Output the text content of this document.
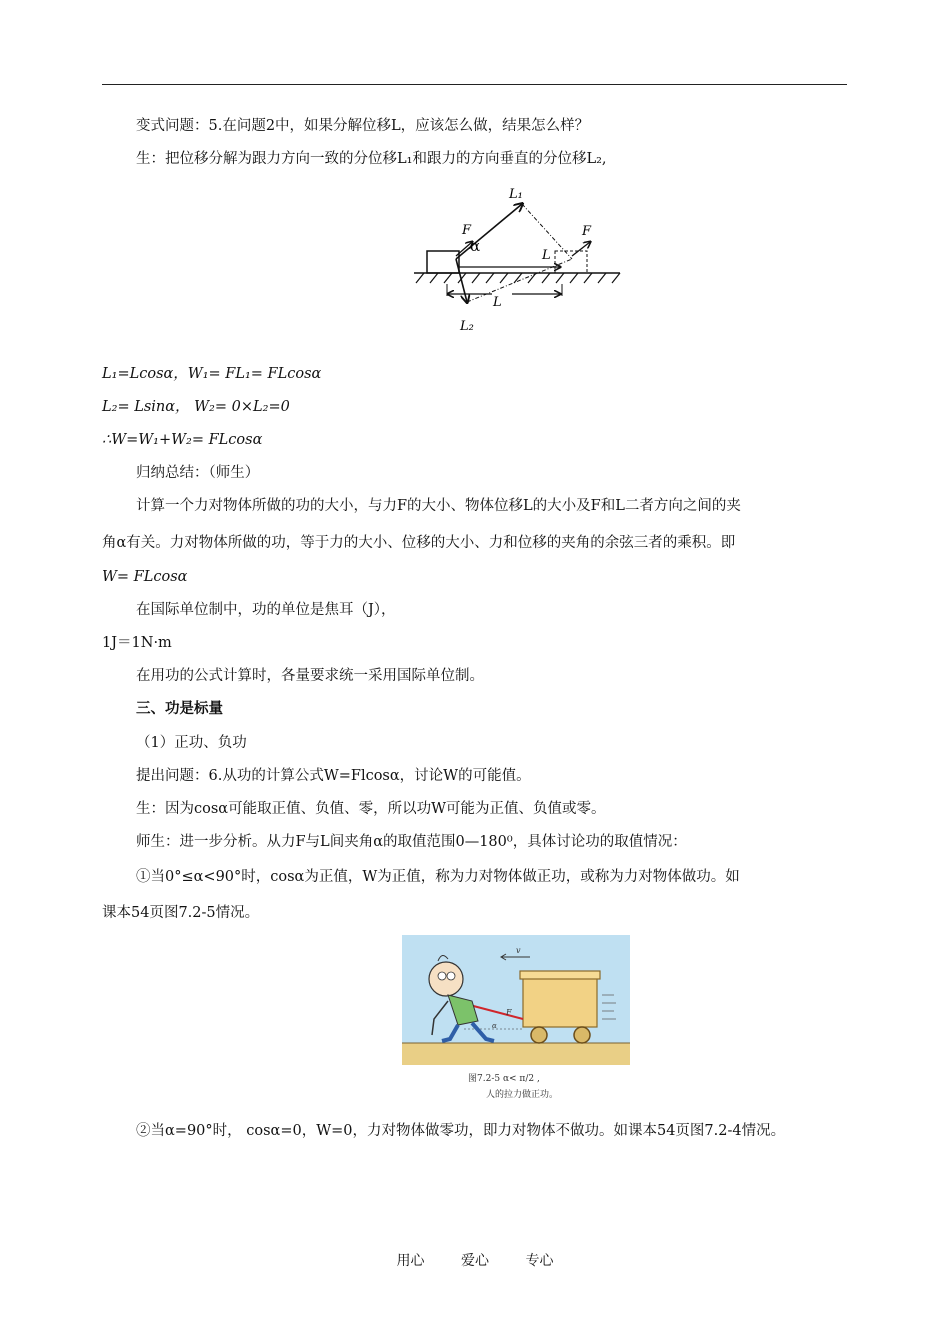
变式问题：5.在问题2中，如果分解位移L，应该怎么做，结果怎么样？
生：把位移分解为跟力方向一致的分位移L₁和跟力的方向垂直的分位移L₂,
L₁
F
α
L
F
L
L₂
L₁=Lcosα，W₁= FL₁= FLcosα
L₂= Lsinα， W₂= 0×L₂=0
∴W=W₁+W₂= FLcosα
归纳总结：（师生）
计算一个力对物体所做的功的大小，与力F的大小、物体位移L的大小及F和L二者方向之间的夹
角α有关。力对物体所做的功，等于力的大小、位移的大小、力和位移的夹角的余弦三者的乘积。即
W= FLcosα
在国际单位制中，功的单位是焦耳（J），
1J＝1N·m
在用功的公式计算时，各量要求统一采用国际单位制。
三、功是标量
（1）正功、负功
提出问题：6.从功的计算公式W=Flcosα，讨论W的可能值。
生：因为cosα可能取正值、负值、零，所以功W可能为正值、负值或零。
师生：进一步分析。从力F与L间夹角α的取值范围0—180⁰，具体讨论功的取值情况：
①当0°≤α<90°时，cosα为正值，W为正值，称为力对物体做正功，或称为力对物体做功。如
课本54页图7.2-5情况。
v
F
α
图7.2-5 α< π/2 ,
人的拉力做正功。
②当α=90°时， cosα=0，W=0，力对物体做零功，即力对物体不做功。如课本54页图7.2-4情况。
用心	爱心	专心
